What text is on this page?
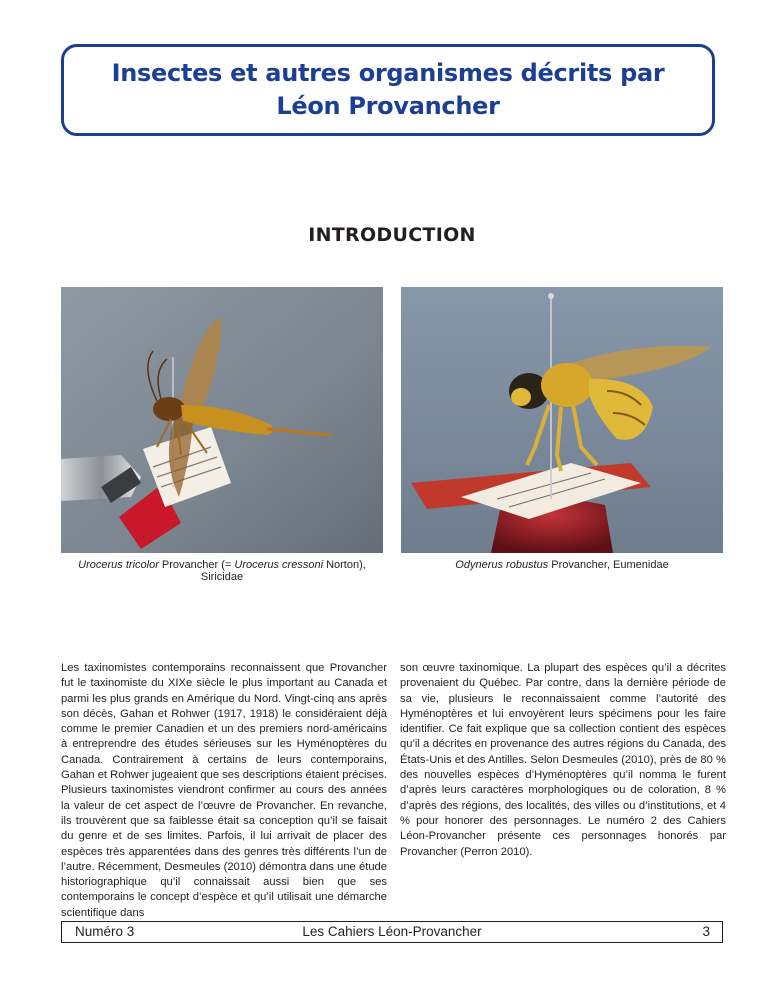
Insectes et autres organismes décrits par
Léon Provancher
INTRODUCTION
Urocerus tricolor Provancher (= Urocerus cressoni Norton), Siricidae
Odynerus robustus Provancher, Eumenidae

Les taxinomistes contemporains reconnaissent que Provancher fut le taxinomiste du XIXe siècle le plus important au Canada et parmi les plus grands en Amérique du Nord. Vingt-cinq ans après son décès, Gahan et Rohwer (1917, 1918) le considéraient déjà comme le premier Canadien et un des premiers nord-américains à entreprendre des études sérieuses sur les Hyménoptères du Canada. Contrairement à certains de leurs contemporains, Gahan et Rohwer jugeaient que ses descriptions étaient précises. Plusieurs taxinomistes viendront confirmer au cours des années la valeur de cet aspect de l’œuvre de Provancher. En revanche, ils trouvèrent que sa faiblesse était sa conception qu’il se faisait du genre et de ses limites. Parfois, il lui arrivait de placer des espèces très apparentées dans des genres très différents l’un de l’autre. Récemment, Desmeules (2010) démontra dans une étude historiographique qu’il connaissait aussi bien que ses contemporains le concept d’espèce et qu’il utilisait une démarche scientifique dans

son œuvre taxinomique. La plupart des espèces qu’il a décrites provenaient du Québec. Par contre, dans la dernière période de sa vie, plusieurs le reconnaissaient comme l’autorité des Hyménoptères et lui envoyèrent leurs spécimens pour les faire identifier. Ce fait explique que sa collection contient des espèces qu’il a décrites en provenance des autres régions du Canada, des États-Unis et des Antilles. Selon Desmeules (2010), près de 80 % des nouvelles espèces d’Hyménoptères qu’il nomma le furent d’après leurs caractères morphologiques ou de coloration, 8 % d’après des régions, des localités, des villes ou d’institutions, et 4 % pour honorer des personnages. Le numéro 2 des Cahiers Léon-Provancher présente ces personnages honorés par Provancher (Perron 2010).

Les Cahiers Léon-Provancher
Numéro 3	3
